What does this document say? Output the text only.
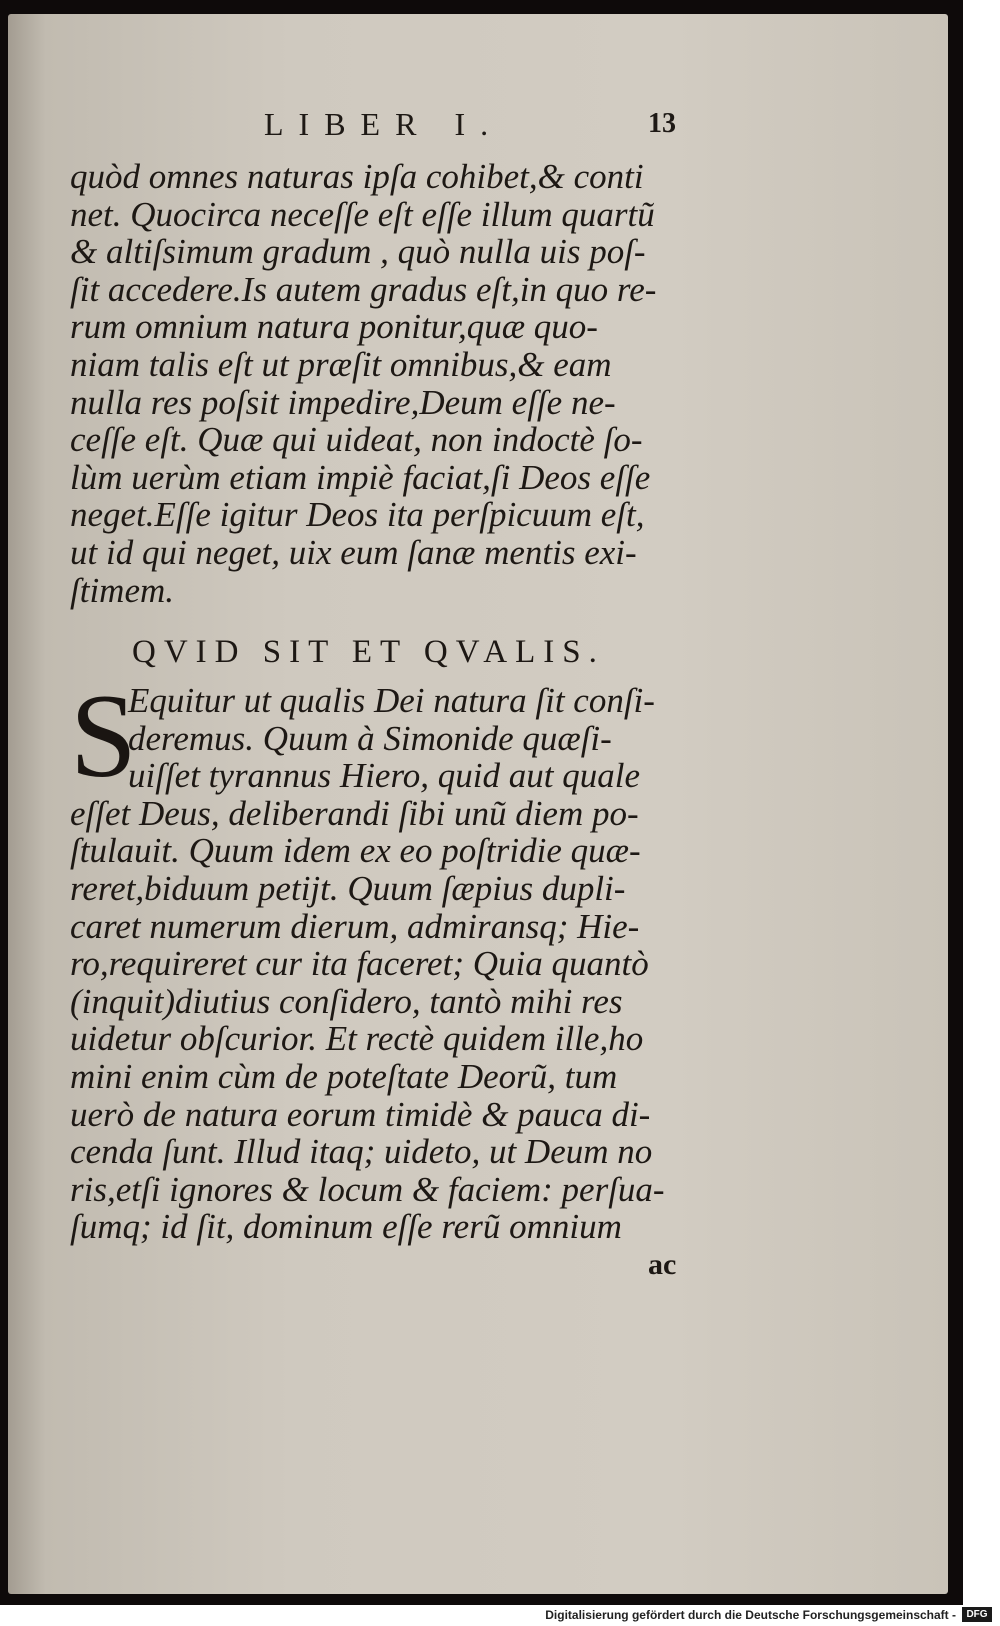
LIBER I.	13
quòd omnes naturas ipſa cohibet,& conti
net. Quocirca neceſſe eſt eſſe illum quartũ
& altiſsimum gradum , quò nulla uis poſ-
ſit accedere.Is autem gradus eſt,in quo re-
rum omnium natura ponitur,quæ quo-
niam talis eſt ut præſit omnibus,& eam
nulla res poſsit impedire,Deum eſſe ne-
ceſſe eſt. Quæ qui uideat, non indoctè ſo-
lùm uerùm etiam impiè faciat,ſi Deos eſſe
neget.Eſſe igitur Deos ita perſpicuum eſt,
ut id qui neget, uix eum ſanæ mentis exi-
ſtimem.
QVID SIT ET QVALIS.
S
Equitur ut qualis Dei natura ſit conſi-
deremus. Quum à Simonide quæſi-
uiſſet tyrannus Hiero, quid aut quale
eſſet Deus, deliberandi ſibi unũ diem po-
ſtulauit. Quum idem ex eo poſtridie quæ-
reret,biduum petijt. Quum ſæpius dupli-
caret numerum dierum, admiransq; Hie-
ro,requireret cur ita faceret; Quia quantò
(inquit)diutius conſidero, tantò mihi res
uidetur obſcurior. Et rectè quidem ille,ho
mini enim cùm de poteſtate Deorũ, tum
uerò de natura eorum timidè & pauca di-
cenda ſunt. Illud itaq; uideto, ut Deum no
ris,etſi ignores & locum & faciem: perſua-
ſumq; id ſit, dominum eſſe rerũ omnium
ac
Digitalisierung gefördert durch die Deutsche Forschungsgemeinschaft -	DFG
